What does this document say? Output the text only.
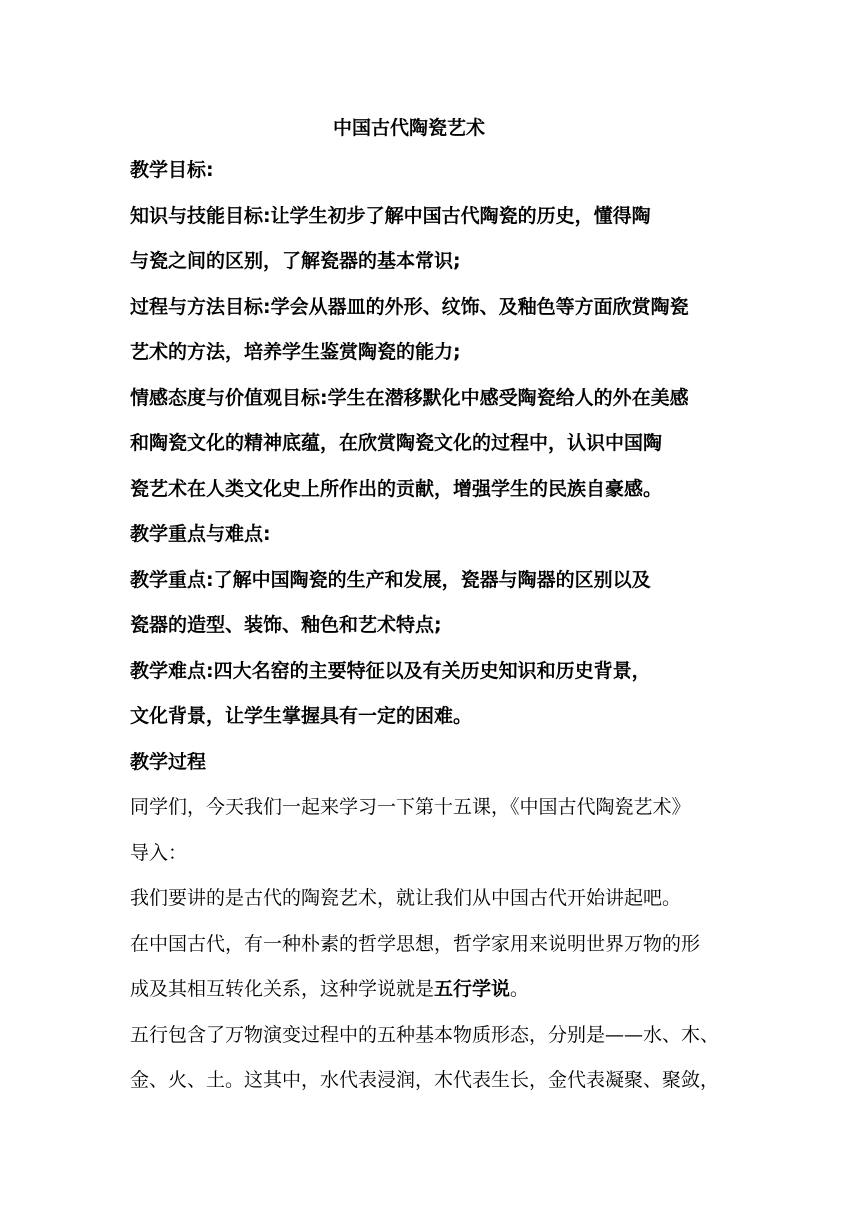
中国古代陶瓷艺术
教学目标:
知识与技能目标:让学生初步了解中国古代陶瓷的历史，懂得陶
与瓷之间的区别，了解瓷器的基本常识;
过程与方法目标:学会从器皿的外形、纹饰、及釉色等方面欣赏陶瓷
艺术的方法，培养学生鉴赏陶瓷的能力;
情感态度与价值观目标:学生在潜移默化中感受陶瓷给人的外在美感
和陶瓷文化的精神底蕴，在欣赏陶瓷文化的过程中，认识中国陶
瓷艺术在人类文化史上所作出的贡献，增强学生的民族自豪感。
教学重点与难点:
教学重点:了解中国陶瓷的生产和发展，瓷器与陶器的区别以及
瓷器的造型、装饰、釉色和艺术特点;
教学难点:四大名窑的主要特征以及有关历史知识和历史背景，
文化背景，让学生掌握具有一定的困难。
教学过程
同学们，今天我们一起来学习一下第十五课，《中国古代陶瓷艺术》
导入：
我们要讲的是古代的陶瓷艺术，就让我们从中国古代开始讲起吧。
在中国古代，有一种朴素的哲学思想，哲学家用来说明世界万物的形
成及其相互转化关系，这种学说就是五行学说。
五行包含了万物演变过程中的五种基本物质形态，分别是——水、木、
金、火、土。这其中，水代表浸润，木代表生长，金代表凝聚、聚敛，
